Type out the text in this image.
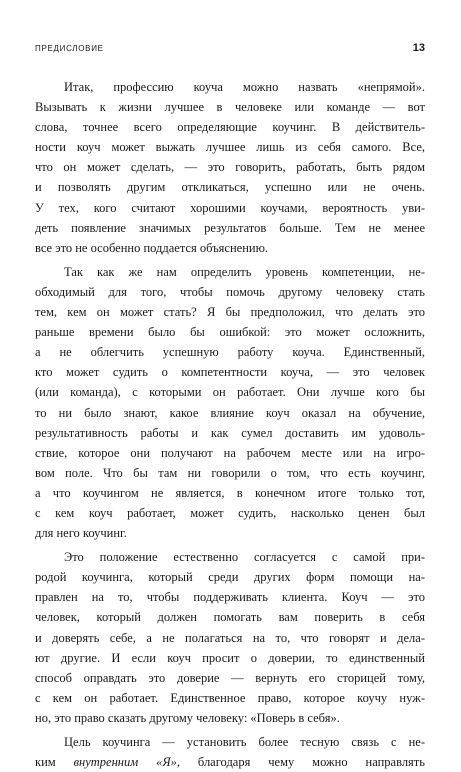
ПРЕДИСЛОВИЕ	13
Итак, профессию коуча можно назвать «непрямой».
Вызывать к жизни лучшее в человеке или команде — вот
слова, точнее всего определяющие коучинг. В действитель-
ности коуч может выжать лучшее лишь из себя самого. Все,
что он может сделать, — это говорить, работать, быть рядом
и позволять другим откликаться, успешно или не очень.
У тех, кого считают хорошими коучами, вероятность уви-
деть появление значимых результатов больше. Тем не менее
все это не особенно поддается объяснению.
Так как же нам определить уровень компетенции, не-
обходимый для того, чтобы помочь другому человеку стать
тем, кем он может стать? Я бы предположил, что делать это
раньше времени было бы ошибкой: это может осложнить,
а не облегчить успешную работу коуча. Единственный,
кто может судить о компетентности коуча, — это человек
(или команда), с которыми он работает. Они лучше кого бы
то ни было знают, какое влияние коуч оказал на обучение,
результативность работы и как сумел доставить им удоволь-
ствие, которое они получают на рабочем месте или на игро-
вом поле. Что бы там ни говорили о том, что есть коучинг,
а что коучингом не является, в конечном итоге только тот,
с кем коуч работает, может судить, насколько ценен был
для него коучинг.
Это положение естественно согласуется с самой при-
родой коучинга, который среди других форм помощи на-
правлен на то, чтобы поддерживать клиента. Коуч — это
человек, который должен помогать вам поверить в себя
и доверять себе, а не полагаться на то, что говорят и дела-
ют другие. И если коуч просит о доверии, то единственный
способ оправдать это доверие — вернуть его сторицей тому,
с кем он работает. Единственное право, которое коучу нуж-
но, это право сказать другому человеку: «Поверь в себя».
Цель коучинга — установить более тесную связь с не-
ким внутренним «Я», благодаря чему можно направлять
